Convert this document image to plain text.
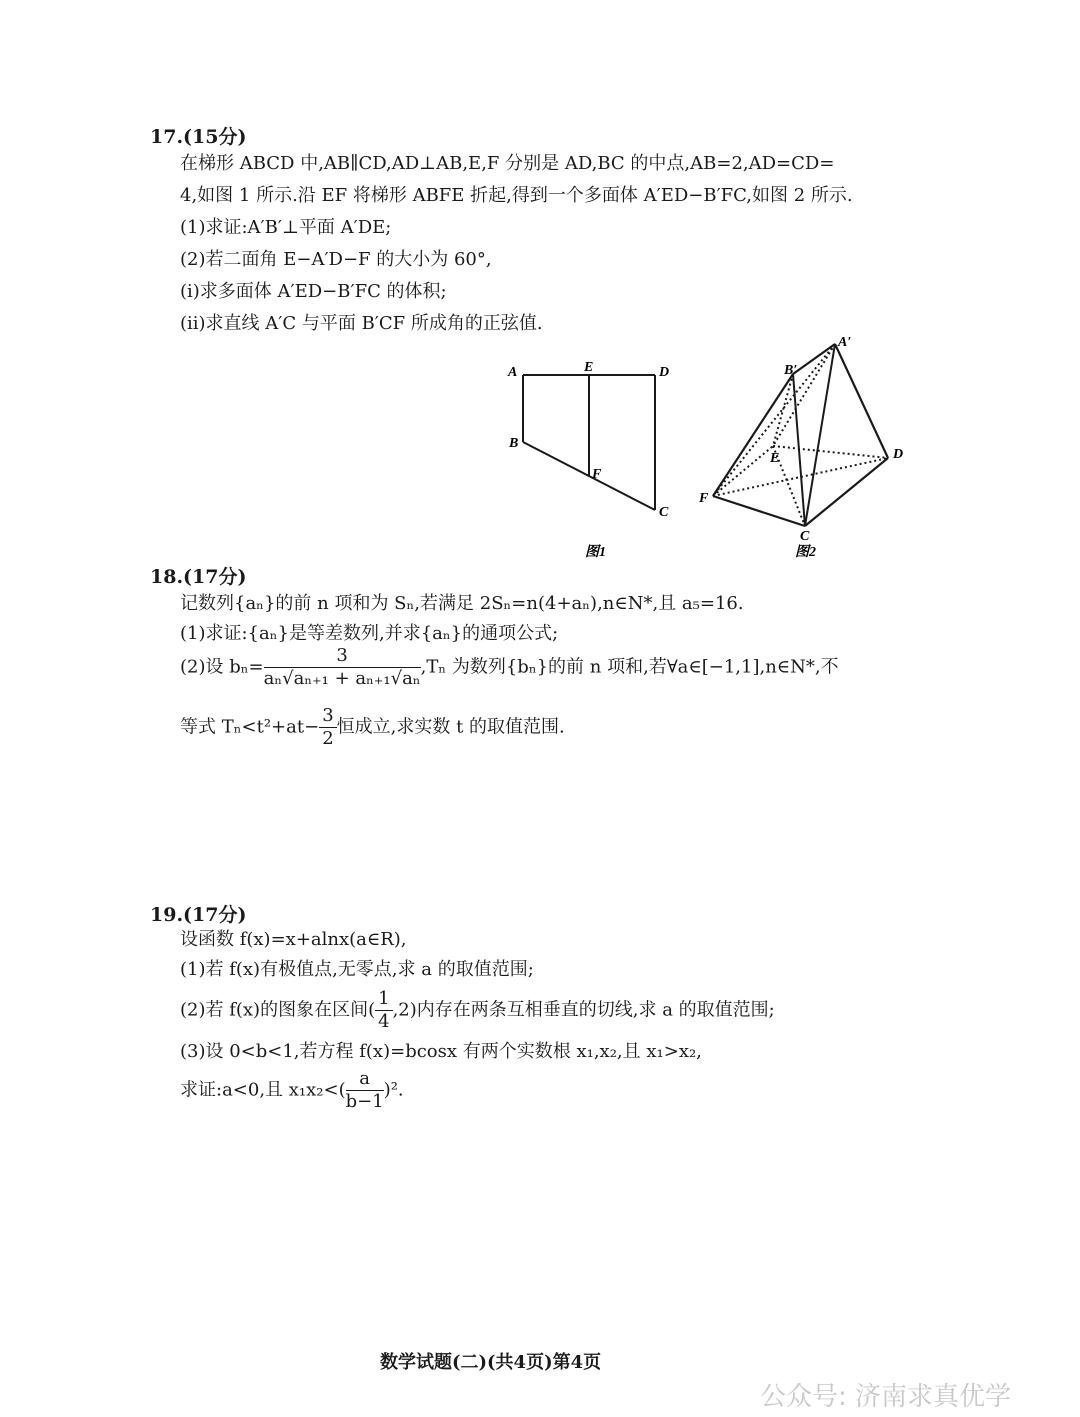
17.(15分)
在梯形 ABCD 中,AB∥CD,AD⊥AB,E,F 分别是 AD,BC 的中点,AB=2,AD=CD=
4,如图 1 所示.沿 EF 将梯形 ABFE 折起,得到一个多面体 A′ED−B′FC,如图 2 所示.
(1)求证:A′B′⊥平面 A′DE;
(2)若二面角 E−A′D−F 的大小为 60°,
(ⅰ)求多面体 A′ED−B′FC 的体积;
(ⅱ)求直线 A′C 与平面 B′CF 所成角的正弦值.
A	E	D
B
F
C
图1
A′
B′
E	D
F
C
图2
18.(17分)
记数列{aₙ}的前 n 项和为 Sₙ,若满足 2Sₙ=n(4+aₙ),n∈N*,且 a₅=16.
(1)求证:{aₙ}是等差数列,并求{aₙ}的通项公式;
(2)设 $b_n= \frac{3}{\text{aₙ√aₙ₊₁ + aₙ₊₁√aₙ}} ,T_n$ 为数列{bₙ}的前 n 项和,若∀a∈[−1,1],n∈N*,不
等式 $T_n<t^2+at- \frac{3}{2}$ 恒成立,求实数 t 的取值范围.
19.(17分)
设函数 f(x)=x+alnx(a∈R),
(1)若 f(x)有极值点,无零点,求 a 的取值范围;
(2)若 f(x)的图象在区间( $\frac{1}{4} ,2$)内存在两条互相垂直的切线,求 a 的取值范围;
(3)设 0<b<1,若方程 f(x)=bcosx 有两个实数根 x₁,x₂,且 x₁>x₂,
求证:a<0,且 $x_1x_2<( \frac{a}{b-1} )^2$.
数学试题(二)(共4页)第4页
公众号: 济南求真优学
